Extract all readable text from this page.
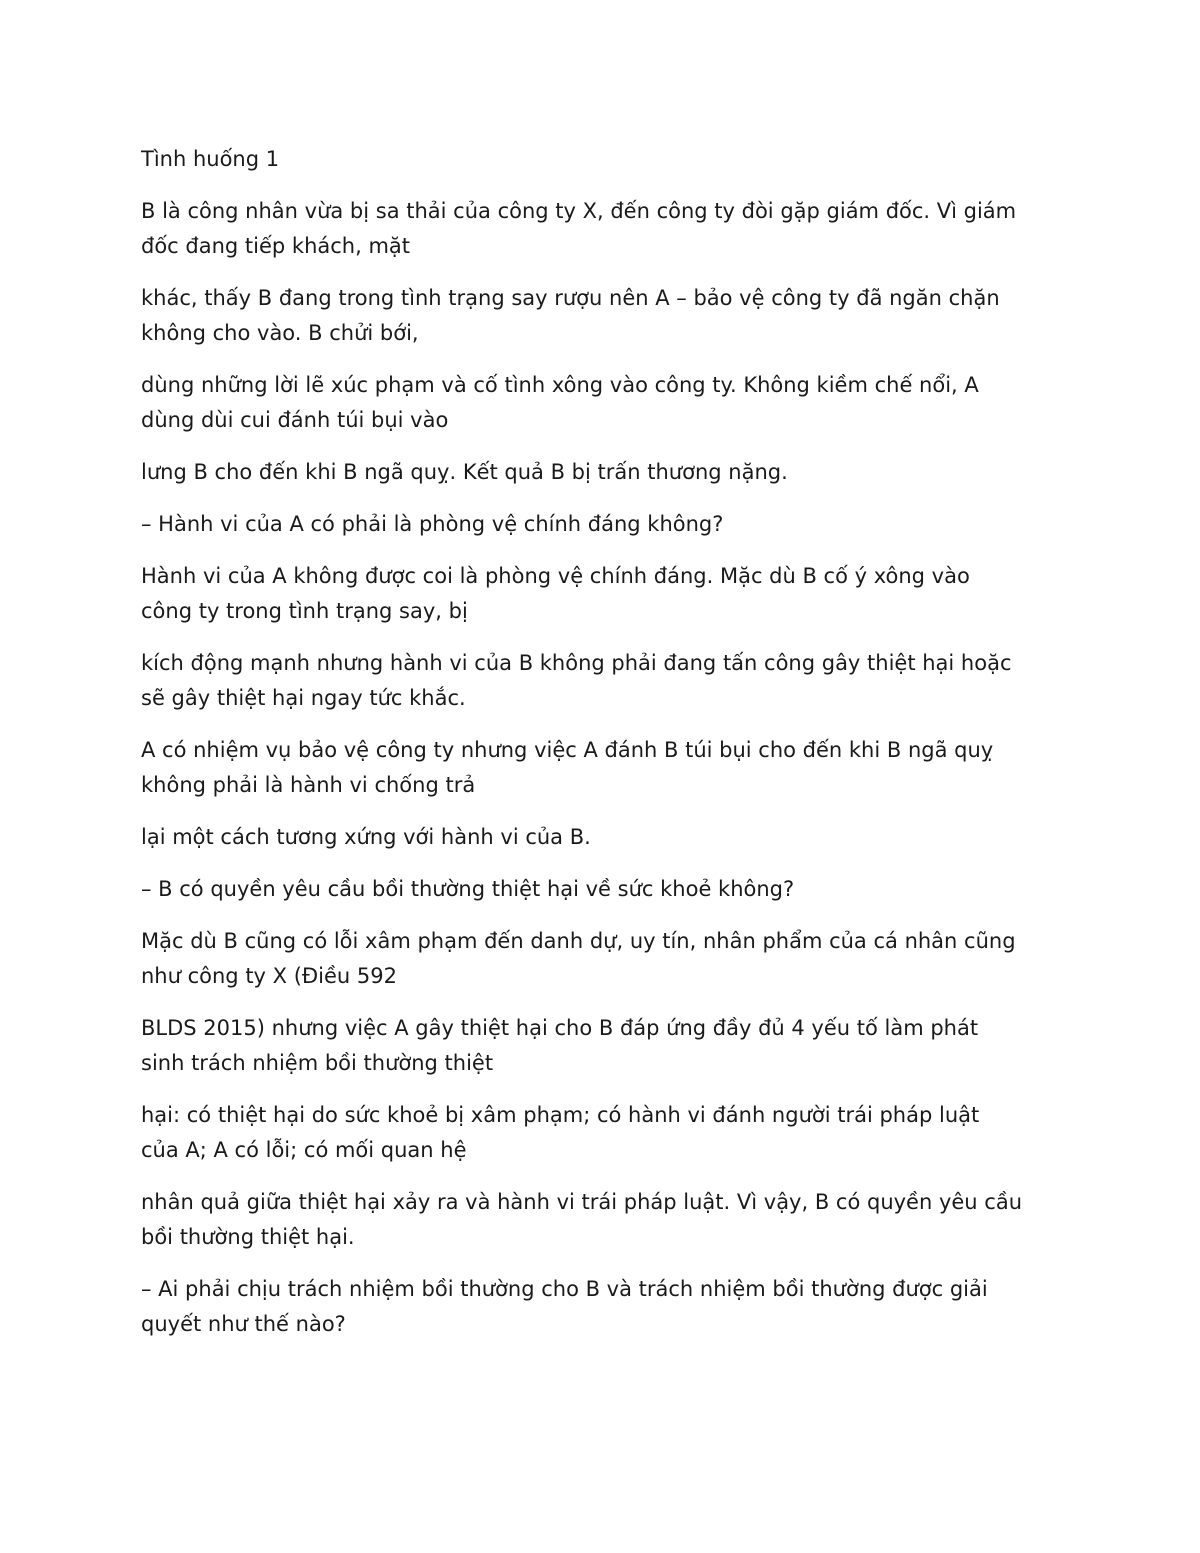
Tình huống 1

B là công nhân vừa bị sa thải của công ty X, đến công ty đòi gặp giám đốc. Vì giám
đốc đang tiếp khách, mặt

khác, thấy B đang trong tình trạng say rượu nên A – bảo vệ công ty đã ngăn chặn
không cho vào. B chửi bới,

dùng những lời lẽ xúc phạm và cố tình xông vào công ty. Không kiềm chế nổi, A
dùng dùi cui đánh túi bụi vào

lưng B cho đến khi B ngã quỵ. Kết quả B bị trấn thương nặng.

– Hành vi của A có phải là phòng vệ chính đáng không?

Hành vi của A không được coi là phòng vệ chính đáng. Mặc dù B cố ý xông vào
công ty trong tình trạng say, bị

kích động mạnh nhưng hành vi của B không phải đang tấn công gây thiệt hại hoặc
sẽ gây thiệt hại ngay tức khắc.

A có nhiệm vụ bảo vệ công ty nhưng việc A đánh B túi bụi cho đến khi B ngã quỵ
không phải là hành vi chống trả

lại một cách tương xứng với hành vi của B.

– B có quyền yêu cầu bồi thường thiệt hại về sức khoẻ không?

Mặc dù B cũng có lỗi xâm phạm đến danh dự, uy tín, nhân phẩm của cá nhân cũng
như công ty X (Điều 592

BLDS 2015) nhưng việc A gây thiệt hại cho B đáp ứng đầy đủ 4 yếu tố làm phát
sinh trách nhiệm bồi thường thiệt

hại: có thiệt hại do sức khoẻ bị xâm phạm; có hành vi đánh người trái pháp luật
của A; A có lỗi; có mối quan hệ

nhân quả giữa thiệt hại xảy ra và hành vi trái pháp luật. Vì vậy, B có quyền yêu cầu
bồi thường thiệt hại.

– Ai phải chịu trách nhiệm bồi thường cho B và trách nhiệm bồi thường được giải
quyết như thế nào?
